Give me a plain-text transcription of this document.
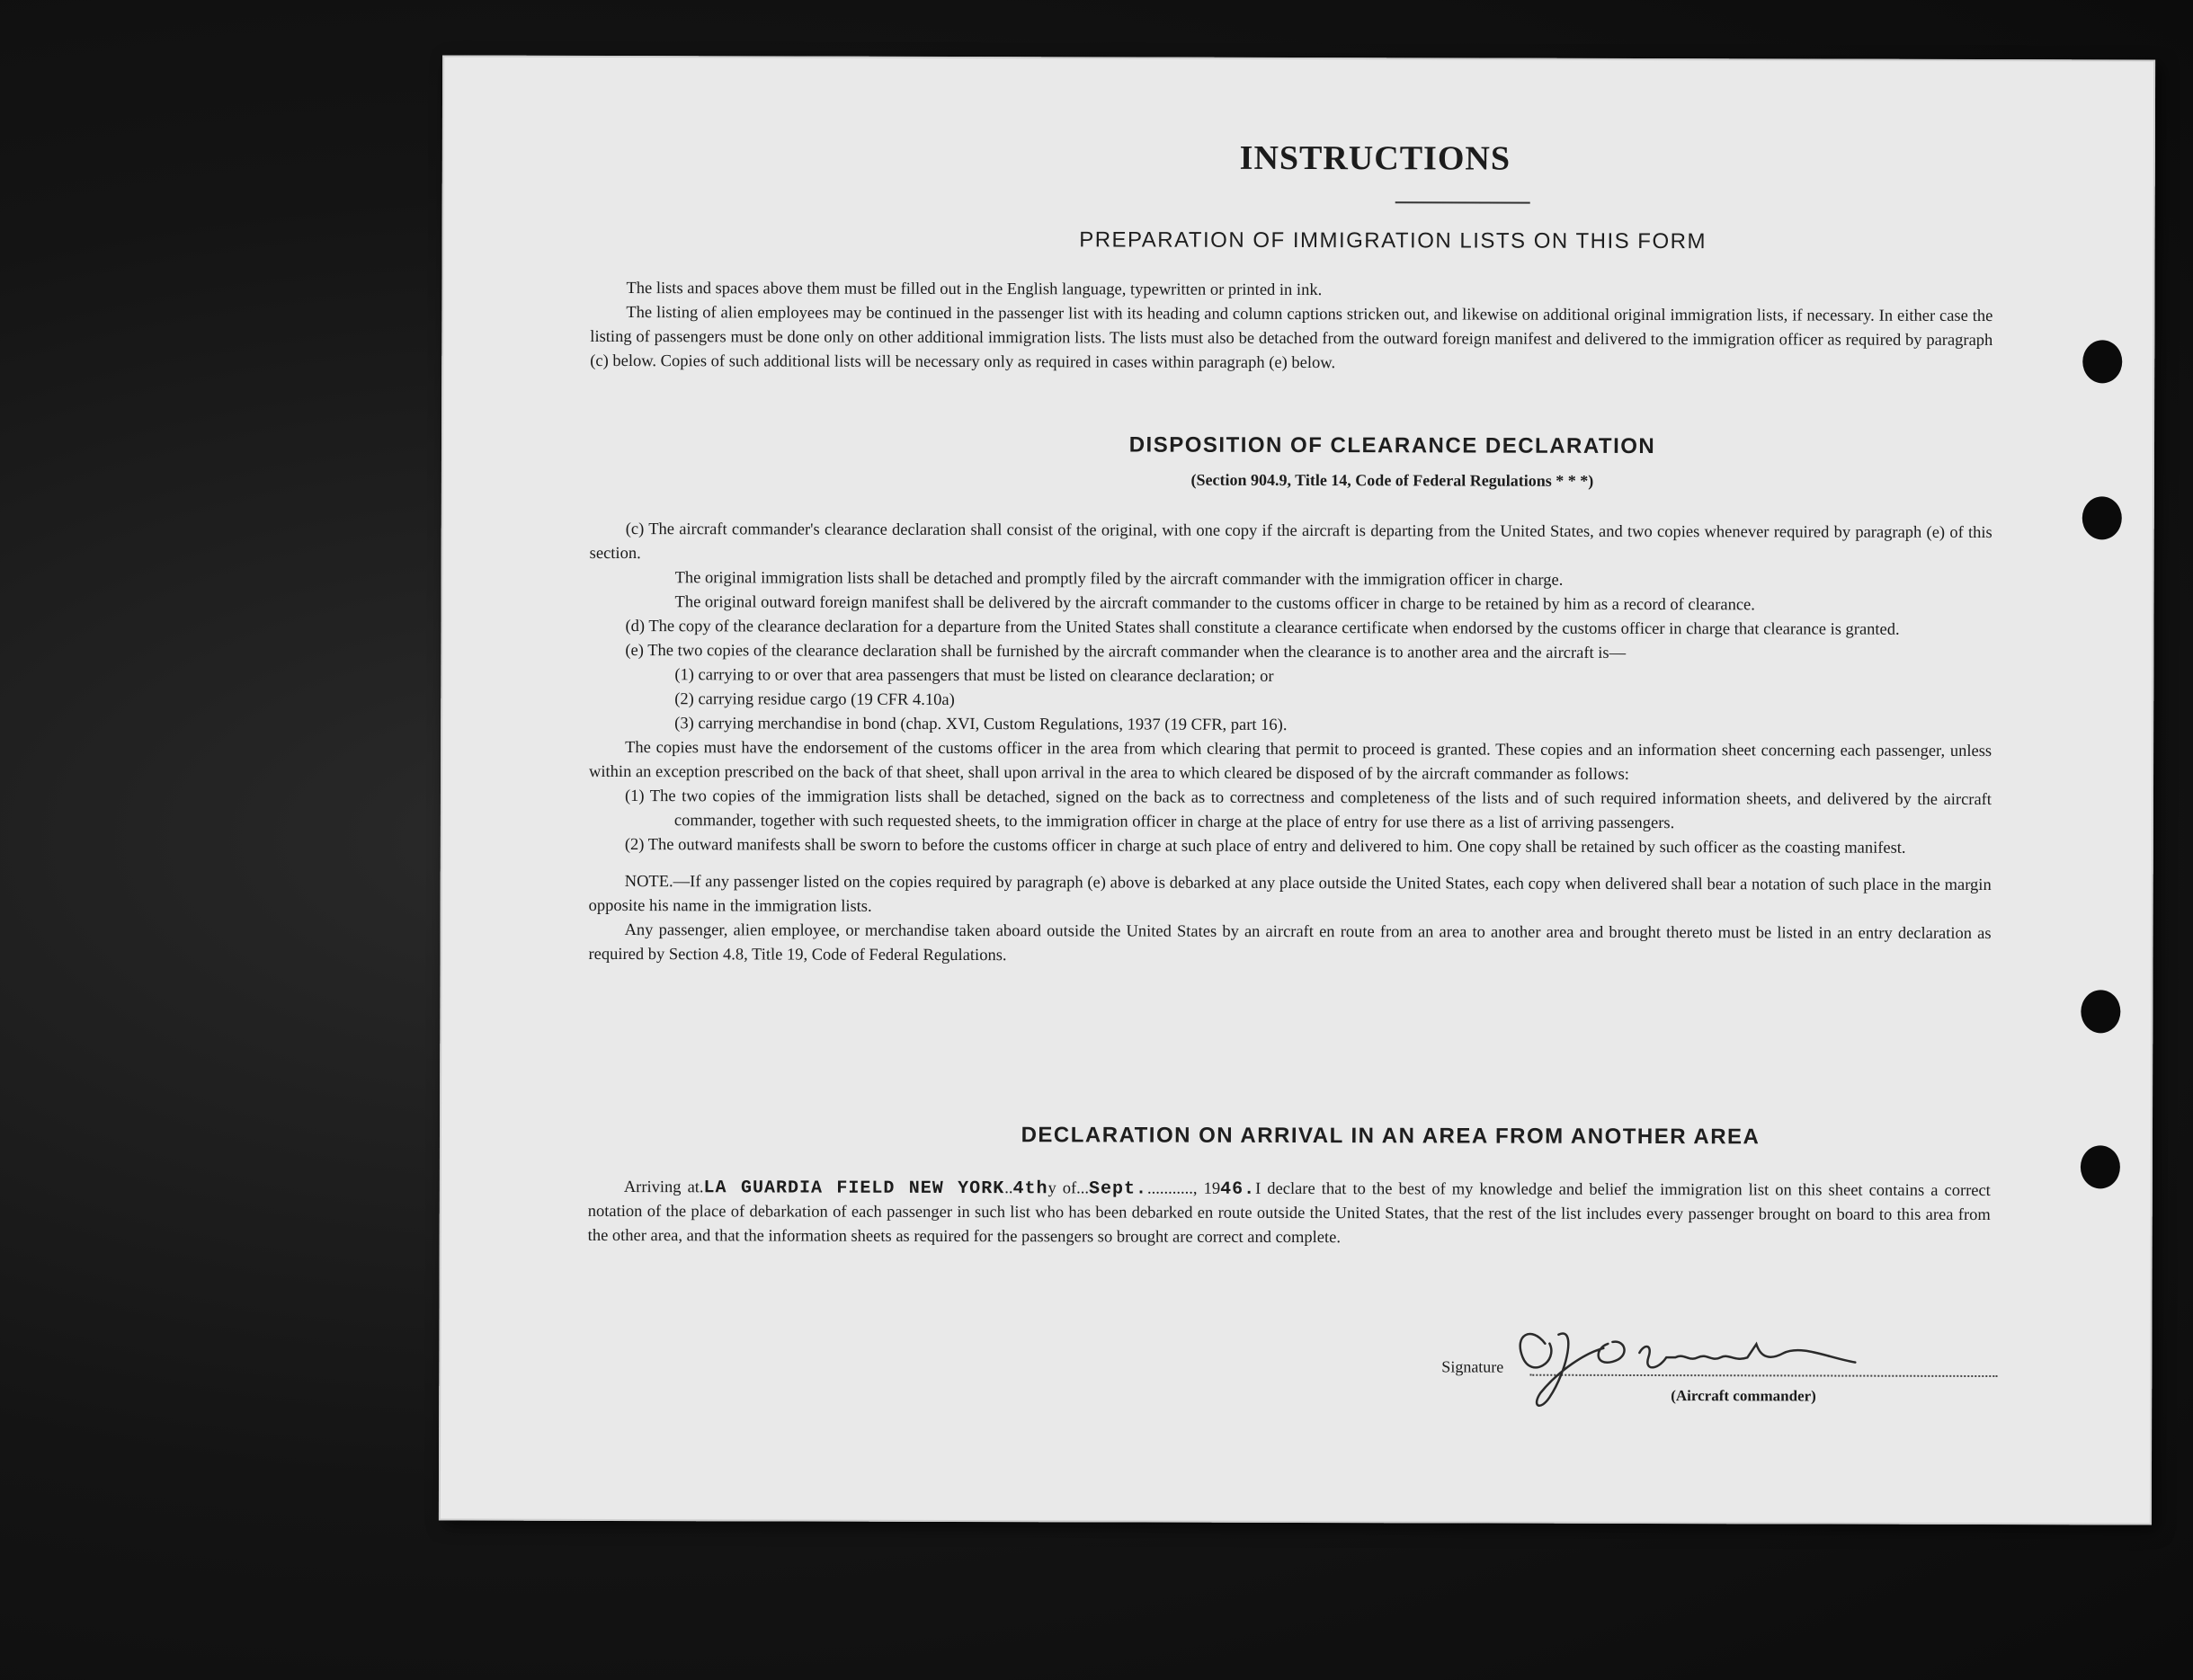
INSTRUCTIONS
PREPARATION OF IMMIGRATION LISTS ON THIS FORM

The lists and spaces above them must be filled out in the English language, typewritten or printed in ink.

The listing of alien employees may be continued in the passenger list with its heading and column captions stricken out, and likewise on additional original immigration lists, if necessary. In either case the listing of passengers must be done only on other additional immigration lists. The lists must also be detached from the outward foreign manifest and delivered to the immigration officer as required by paragraph (c) below. Copies of such additional lists will be necessary only as required in cases within paragraph (e) below.

DISPOSITION OF CLEARANCE DECLARATION
(Section 904.9, Title 14, Code of Federal Regulations * * *)

(c) The aircraft commander's clearance declaration shall consist of the original, with one copy if the aircraft is departing from the United States, and two copies whenever required by paragraph (e) of this section.

The original immigration lists shall be detached and promptly filed by the aircraft commander with the immigration officer in charge.

The original outward foreign manifest shall be delivered by the aircraft commander to the customs officer in charge to be retained by him as a record of clearance.

(d) The copy of the clearance declaration for a departure from the United States shall constitute a clearance certificate when endorsed by the customs officer in charge that clearance is granted.

(e) The two copies of the clearance declaration shall be furnished by the aircraft commander when the clearance is to another area and the aircraft is—

(1) carrying to or over that area passengers that must be listed on clearance declaration; or

(2) carrying residue cargo (19 CFR 4.10a)

(3) carrying merchandise in bond (chap. XVI, Custom Regulations, 1937 (19 CFR, part 16).

The copies must have the endorsement of the customs officer in the area from which clearing that permit to proceed is granted. These copies and an information sheet concerning each passenger, unless within an exception prescribed on the back of that sheet, shall upon arrival in the area to which cleared be disposed of by the aircraft commander as follows:

(1) The two copies of the immigration lists shall be detached, signed on the back as to correctness and completeness of the lists and of such required information sheets, and delivered by the aircraft commander, together with such requested sheets, to the immigration officer in charge at the place of entry for use there as a list of arriving passengers.

(2) The outward manifests shall be sworn to before the customs officer in charge at such place of entry and delivered to him. One copy shall be retained by such officer as the coasting manifest.

NOTE.—If any passenger listed on the copies required by paragraph (e) above is debarked at any place outside the United States, each copy when delivered shall bear a notation of such place in the margin opposite his name in the immigration lists.

Any passenger, alien employee, or merchandise taken aboard outside the United States by an aircraft en route from an area to another area and brought thereto must be listed in an entry declaration as required by Section 4.8, Title 19, Code of Federal Regulations.

DECLARATION ON ARRIVAL IN AN AREA FROM ANOTHER AREA

Arriving at.LA GUARDIA FIELD NEW YORK..4thy of...Sept............, 1946.I declare that to the best of my knowledge and belief the immigration list on this sheet contains a correct notation of the place of debarkation of each passenger in such list who has been debarked en route outside the United States, that the rest of the list includes every passenger brought on board to this area from the other area, and that the information sheets as required for the passengers so brought are correct and complete.

Signature
(Aircraft commander)
